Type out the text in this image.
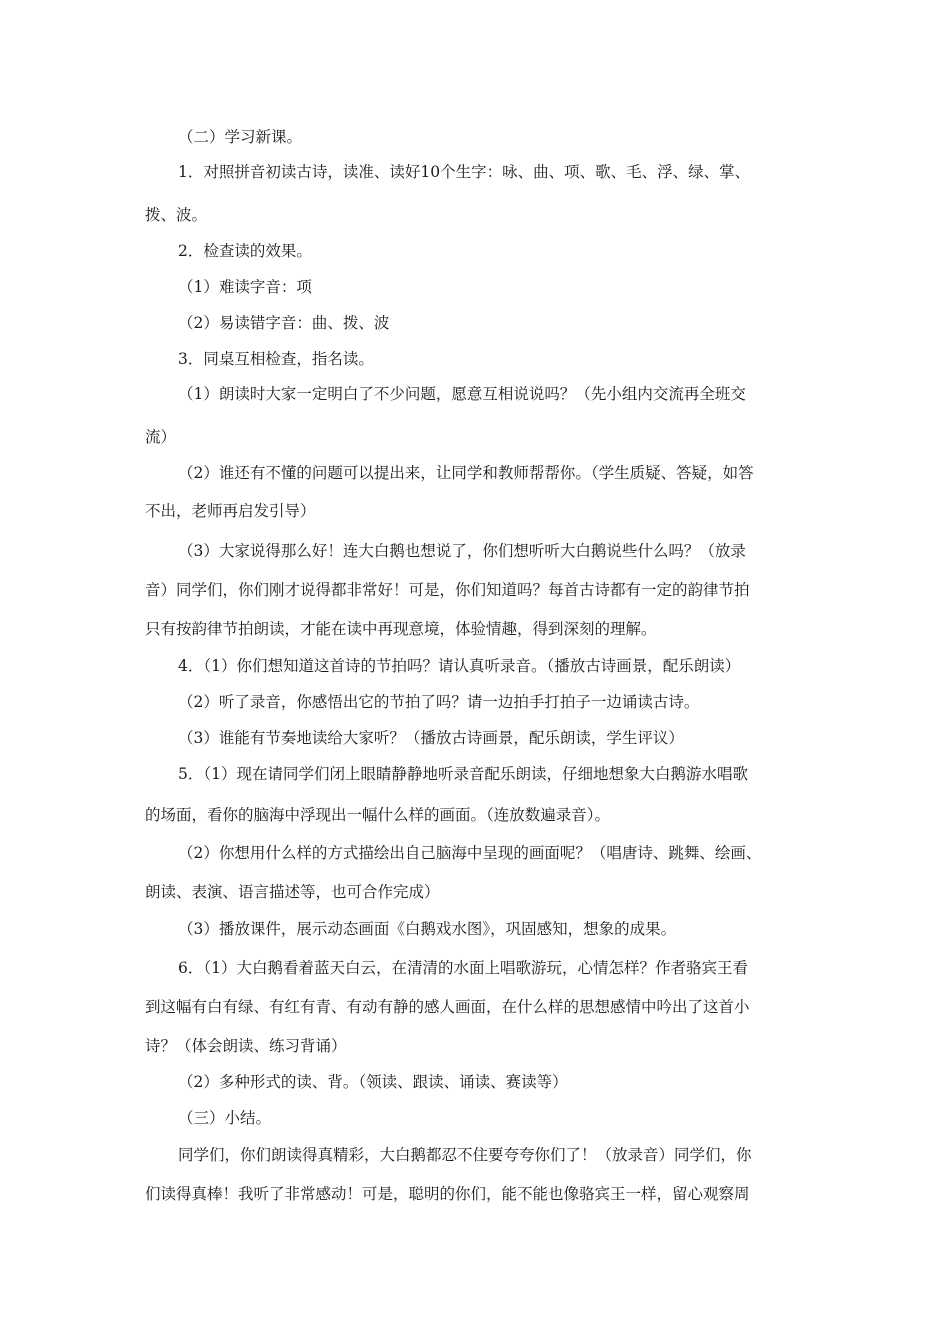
（二）学习新课。
1．对照拼音初读古诗，读准、读好10个生字：咏、曲、项、歌、毛、浮、绿、掌、
拨、波。
2．检查读的效果。
（1）难读字音：项
（2）易读错字音：曲、拨、波
3．同桌互相检查，指名读。
（1）朗读时大家一定明白了不少问题，愿意互相说说吗？（先小组内交流再全班交
流）
（2）谁还有不懂的问题可以提出来，让同学和教师帮帮你。（学生质疑、答疑，如答
不出，老师再启发引导）
（3）大家说得那么好！连大白鹅也想说了，你们想听听大白鹅说些什么吗？（放录
音）同学们，你们刚才说得都非常好！可是，你们知道吗？每首古诗都有一定的韵律节拍
只有按韵律节拍朗读，才能在读中再现意境，体验情趣，得到深刻的理解。
4．（1）你们想知道这首诗的节拍吗？请认真听录音。（播放古诗画景，配乐朗读）
（2）听了录音，你感悟出它的节拍了吗？请一边拍手打拍子一边诵读古诗。
（3）谁能有节奏地读给大家听？（播放古诗画景，配乐朗读，学生评议）
5．（1）现在请同学们闭上眼睛静静地听录音配乐朗读，仔细地想象大白鹅游水唱歌
的场面，看你的脑海中浮现出一幅什么样的画面。（连放数遍录音）。
（2）你想用什么样的方式描绘出自己脑海中呈现的画面呢？（唱唐诗、跳舞、绘画、
朗读、表演、语言描述等，也可合作完成）
（3）播放课件，展示动态画面《白鹅戏水图》，巩固感知，想象的成果。
6．（1）大白鹅看着蓝天白云，在清清的水面上唱歌游玩，心情怎样？作者骆宾王看
到这幅有白有绿、有红有青、有动有静的感人画面，在什么样的思想感情中吟出了这首小
诗？（体会朗读、练习背诵）
（2）多种形式的读、背。（领读、跟读、诵读、赛读等）
（三）小结。
同学们，你们朗读得真精彩，大白鹅都忍不住要夸夸你们了！（放录音）同学们，你
们读得真棒！我听了非常感动！可是，聪明的你们，能不能也像骆宾王一样，留心观察周
